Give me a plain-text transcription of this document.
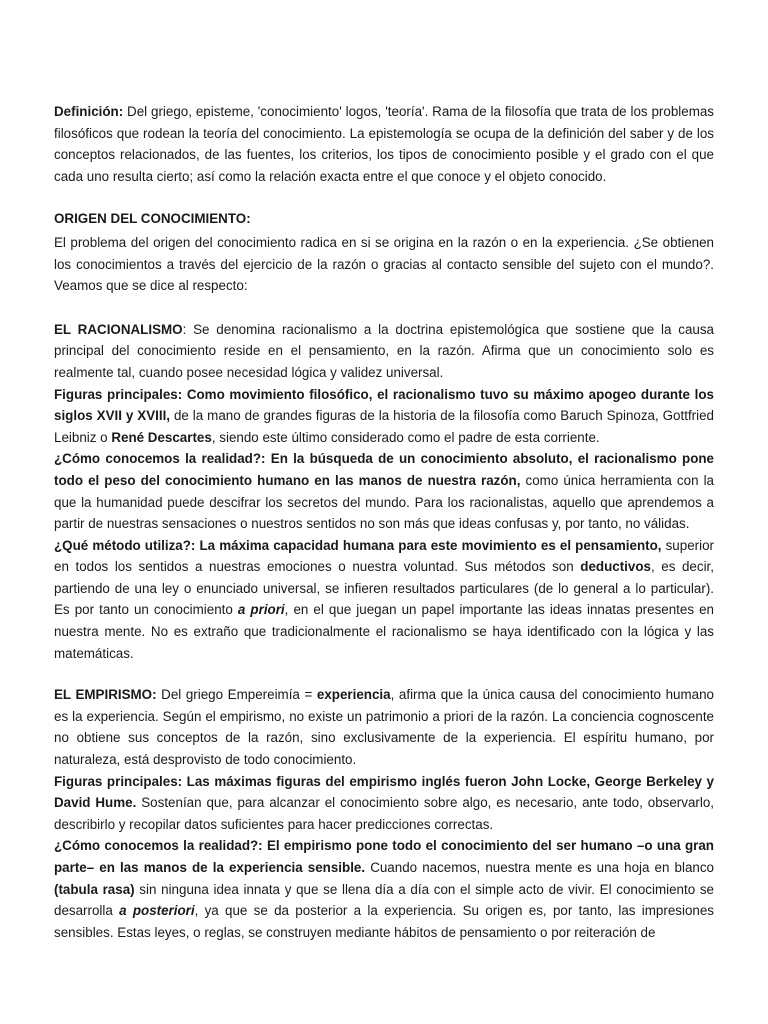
Definición: Del griego, episteme, 'conocimiento' logos, 'teoría'. Rama de la filosofía que trata de los problemas filosóficos que rodean la teoría del conocimiento. La epistemología se ocupa de la definición del saber y de los conceptos relacionados, de las fuentes, los criterios, los tipos de conocimiento posible y el grado con el que cada uno resulta cierto; así como la relación exacta entre el que conoce y el objeto conocido.

ORIGEN DEL CONOCIMIENTO:

El problema del origen del conocimiento radica en si se origina en la razón o en la experiencia. ¿Se obtienen los conocimientos a través del ejercicio de la razón o gracias al contacto sensible del sujeto con el mundo?. Veamos que se dice al respecto:

EL RACIONALISMO: Se denomina racionalismo a la doctrina epistemológica que sostiene que la causa principal del conocimiento reside en el pensamiento, en la razón. Afirma que un conocimiento solo es realmente tal, cuando posee necesidad lógica y validez universal.

Figuras principales: Como movimiento filosófico, el racionalismo tuvo su máximo apogeo durante los siglos XVII y XVIII, de la mano de grandes figuras de la historia de la filosofía como Baruch Spinoza, Gottfried Leibniz o René Descartes, siendo este último considerado como el padre de esta corriente.

¿Cómo conocemos la realidad?: En la búsqueda de un conocimiento absoluto, el racionalismo pone todo el peso del conocimiento humano en las manos de nuestra razón, como única herramienta con la que la humanidad puede descifrar los secretos del mundo. Para los racionalistas, aquello que aprendemos a partir de nuestras sensaciones o nuestros sentidos no son más que ideas confusas y, por tanto, no válidas.

¿Qué método utiliza?: La máxima capacidad humana para este movimiento es el pensamiento, superior en todos los sentidos a nuestras emociones o nuestra voluntad. Sus métodos son deductivos, es decir, partiendo de una ley o enunciado universal, se infieren resultados particulares (de lo general a lo particular). Es por tanto un conocimiento a priori, en el que juegan un papel importante las ideas innatas presentes en nuestra mente. No es extraño que tradicionalmente el racionalismo se haya identificado con la lógica y las matemáticas.

EL EMPIRISMO: Del griego Empereimía = experiencia, afirma que la única causa del conocimiento humano es la experiencia. Según el empirismo, no existe un patrimonio a priori de la razón. La conciencia cognoscente no obtiene sus conceptos de la razón, sino exclusivamente de la experiencia. El espíritu humano, por naturaleza, está desprovisto de todo conocimiento.

Figuras principales: Las máximas figuras del empirismo inglés fueron John Locke, George Berkeley y David Hume. Sostenían que, para alcanzar el conocimiento sobre algo, es necesario, ante todo, observarlo, describirlo y recopilar datos suficientes para hacer predicciones correctas.

¿Cómo conocemos la realidad?: El empirismo pone todo el conocimiento del ser humano –o una gran parte– en las manos de la experiencia sensible. Cuando nacemos, nuestra mente es una hoja en blanco (tabula rasa) sin ninguna idea innata y que se llena día a día con el simple acto de vivir. El conocimiento se desarrolla a posteriori, ya que se da posterior a la experiencia. Su origen es, por tanto, las impresiones sensibles. Estas leyes, o reglas, se construyen mediante hábitos de pensamiento o por reiteración de
